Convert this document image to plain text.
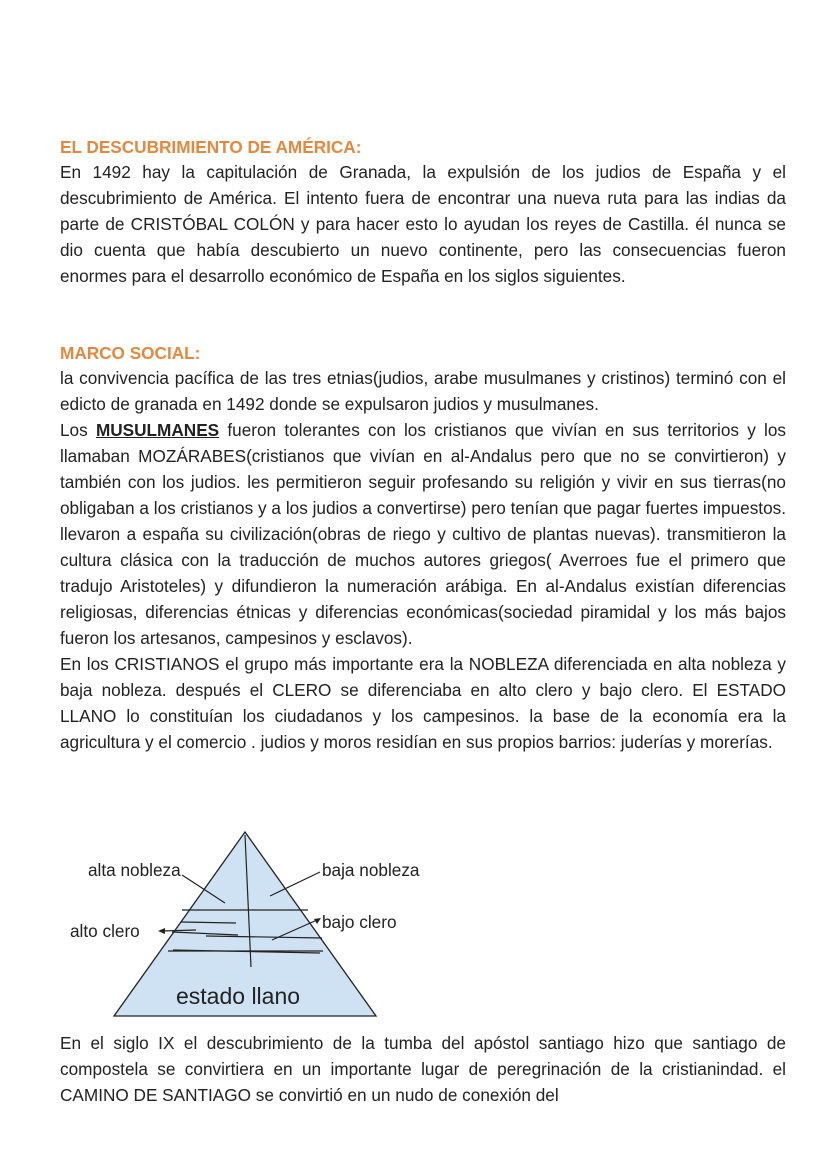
EL DESCUBRIMIENTO DE AMÉRICA:

En 1492 hay la capitulación de Granada, la expulsión de los judios de España y el descubrimiento de América. El intento fuera de encontrar una nueva ruta para las indias da parte de CRISTÓBAL COLÓN y para hacer esto lo ayudan los reyes de Castilla. él nunca se dio cuenta que había descubierto un nuevo continente, pero las consecuencias fueron enormes para el desarrollo económico de España en los siglos siguientes.

MARCO SOCIAL:

la convivencia pacífica de las tres etnias(judios, arabe musulmanes y cristinos) terminó con el edicto de granada en 1492 donde se expulsaron judios y musulmanes.

Los MUSULMANES fueron tolerantes con los cristianos que vivían en sus territorios y los llamaban MOZÁRABES(cristianos que vivían en al-Andalus pero que no se convirtieron) y también con los judios. les permitieron seguir profesando su religión y vivir en sus tierras(no obligaban a los cristianos y a los judios a convertirse) pero tenían que pagar fuertes impuestos. llevaron a españa su civilización(obras de riego y cultivo de plantas nuevas). transmitieron la cultura clásica con la traducción de muchos autores griegos( Averroes fue el primero que tradujo Aristoteles) y difundieron la numeración arábiga. En al-Andalus existían diferencias religiosas, diferencias étnicas y diferencias económicas(sociedad piramidal y los más bajos fueron los artesanos, campesinos y esclavos).

En los CRISTIANOS el grupo más importante era la NOBLEZA diferenciada en alta nobleza y baja nobleza. después el CLERO se diferenciaba en alto clero y bajo clero. El ESTADO LLANO lo constituían los ciudadanos y los campesinos. la base de la economía era la agricultura y el comercio . judios y moros residían en sus propios barrios: juderías y morerías.

alta nobleza	baja nobleza
alto clero	bajo clero
estado llano

En el siglo IX el descubrimiento de la tumba del apóstol santiago hizo que santiago de compostela se convirtiera en un importante lugar de peregrinación de la cristianindad. el CAMINO DE SANTIAGO se convirtió en un nudo de conexión del
